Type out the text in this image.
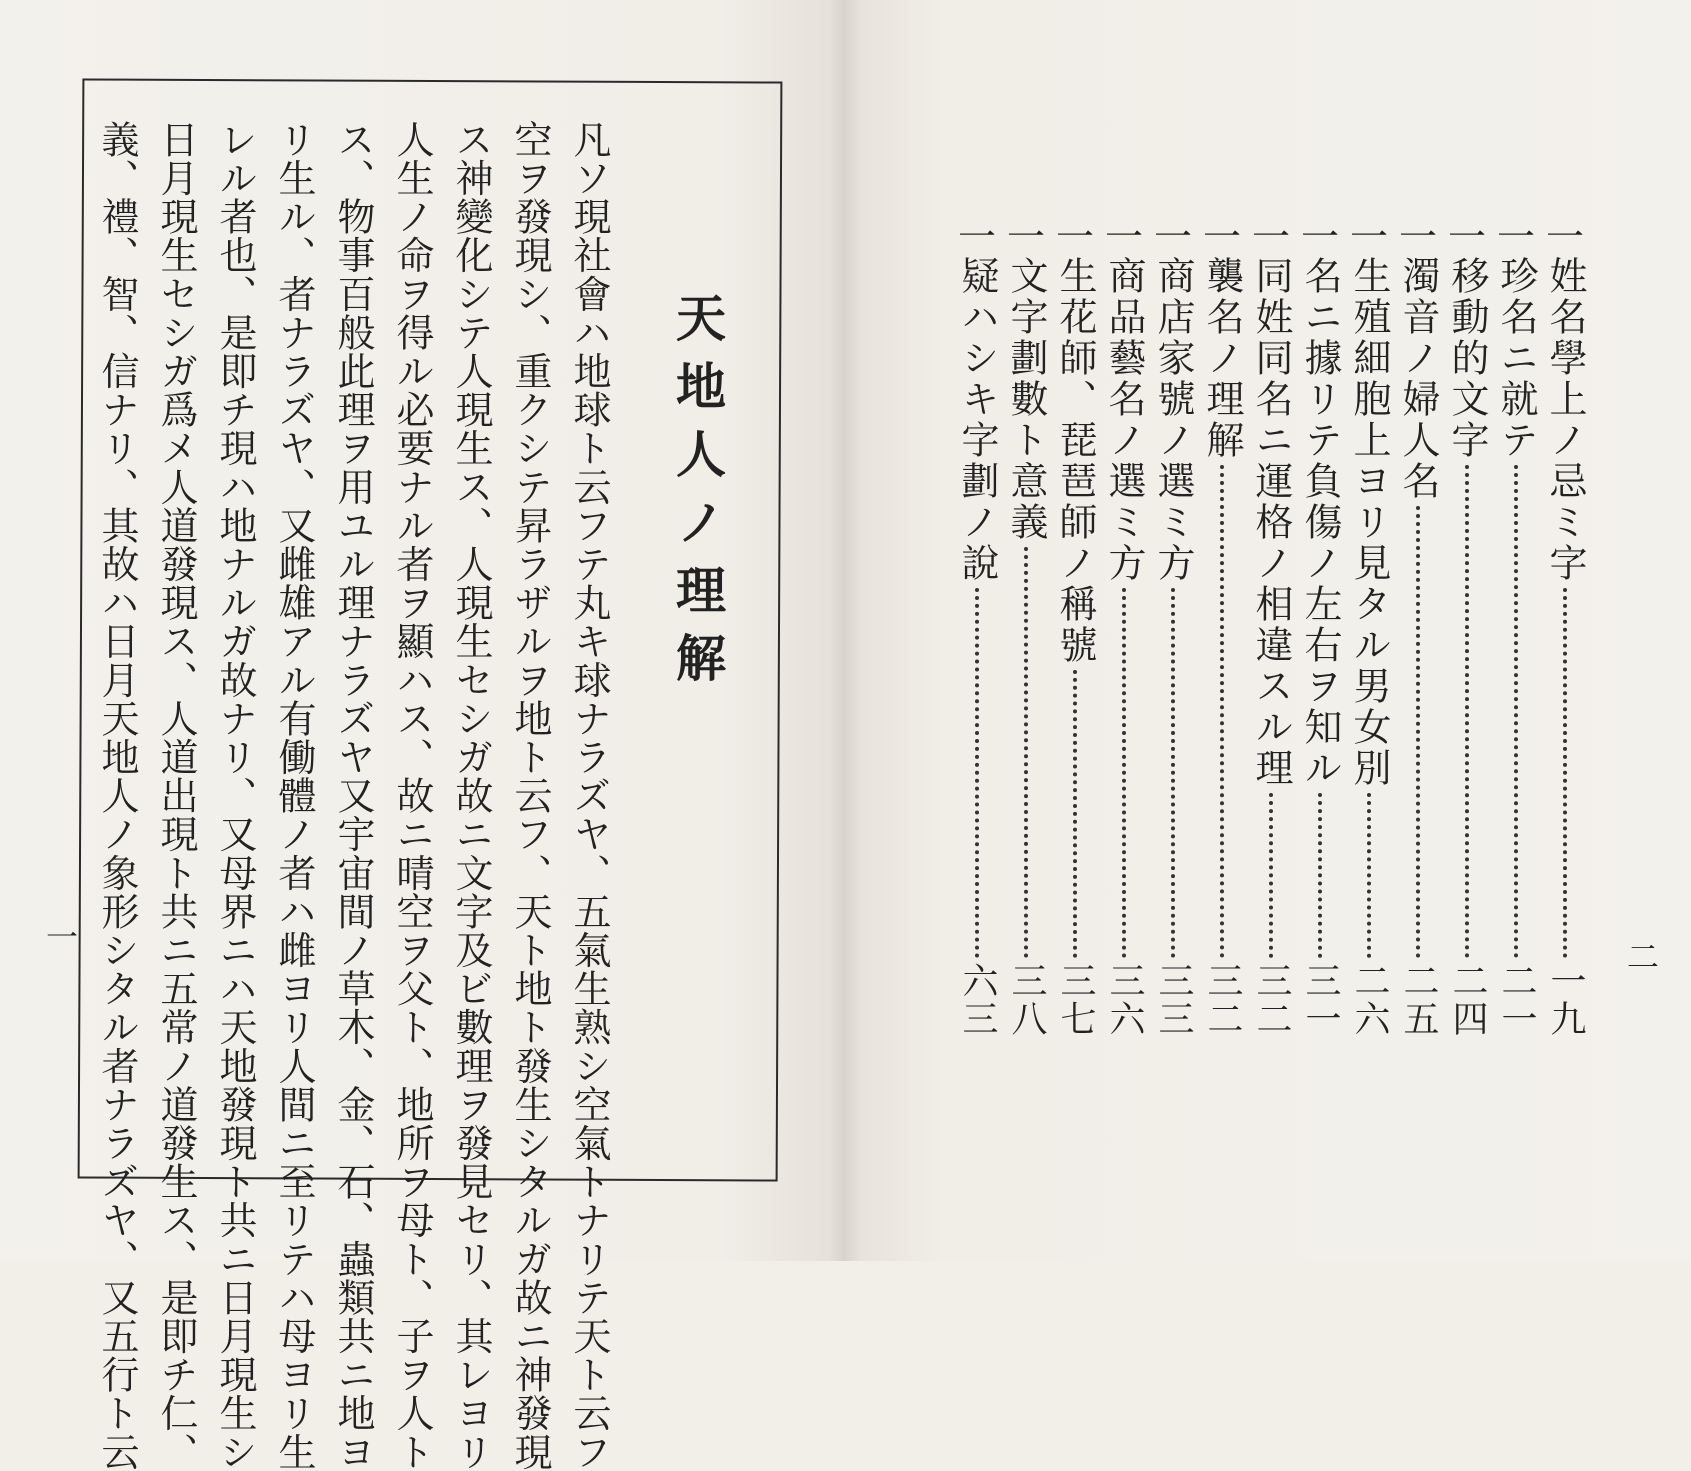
天地人ノ理解
凡ソ現社會ハ地球ト云フテ丸キ球ナラズヤ、五氣生熟シ空氣トナリテ天ト云フ
空ヲ發現シ、重クシテ昇ラザルヲ地ト云フ、天ト地ト發生シタルガ故ニ神發現
ス神變化シテ人現生ス、人現生セシガ故ニ文字及ビ數理ヲ發見セリ、其レヨリ
人生ノ命ヲ得ル必要ナル者ヲ顯ハス、故ニ晴空ヲ父ト、地所ヲ母ト、子ヲ人ト
ス、物事百般此理ヲ用ユル理ナラズヤ又宇宙間ノ草木、金、石、蟲類共ニ地ヨ
リ生ル、者ナラズヤ、又雌雄アル有働體ノ者ハ雌ヨリ人間ニ至リテハ母ヨリ生
レル者也、是即チ現ハ地ナルガ故ナリ、又母界ニハ天地發現ト共ニ日月現生シ
日月現生セシガ爲メ人道發現ス、人道出現ト共ニ五常ノ道發生ス、是即チ仁、
義、禮、智、信ナリ、其故ハ日月天地人ノ象形シタル者ナラズヤ、又五行ト云
一
二
一
姓名學上ノ忌ミ字
一九
一
珍名ニ就テ
二一
一
移動的文字
二四
一
濁音ノ婦人名
二五
一
生殖細胞上ヨリ見タル男女別
二六
一
名ニ據リテ負傷ノ左右ヲ知ル
三一
一
同姓同名ニ運格ノ相違スル理
三二
一
襲名ノ理解
三二
一
商店家號ノ選ミ方
三三
一
商品藝名ノ選ミ方
三六
一
生花師、琵琶師ノ稱號
三七
一
文字劃數ト意義
三八
一
疑ハシキ字劃ノ說
六三
